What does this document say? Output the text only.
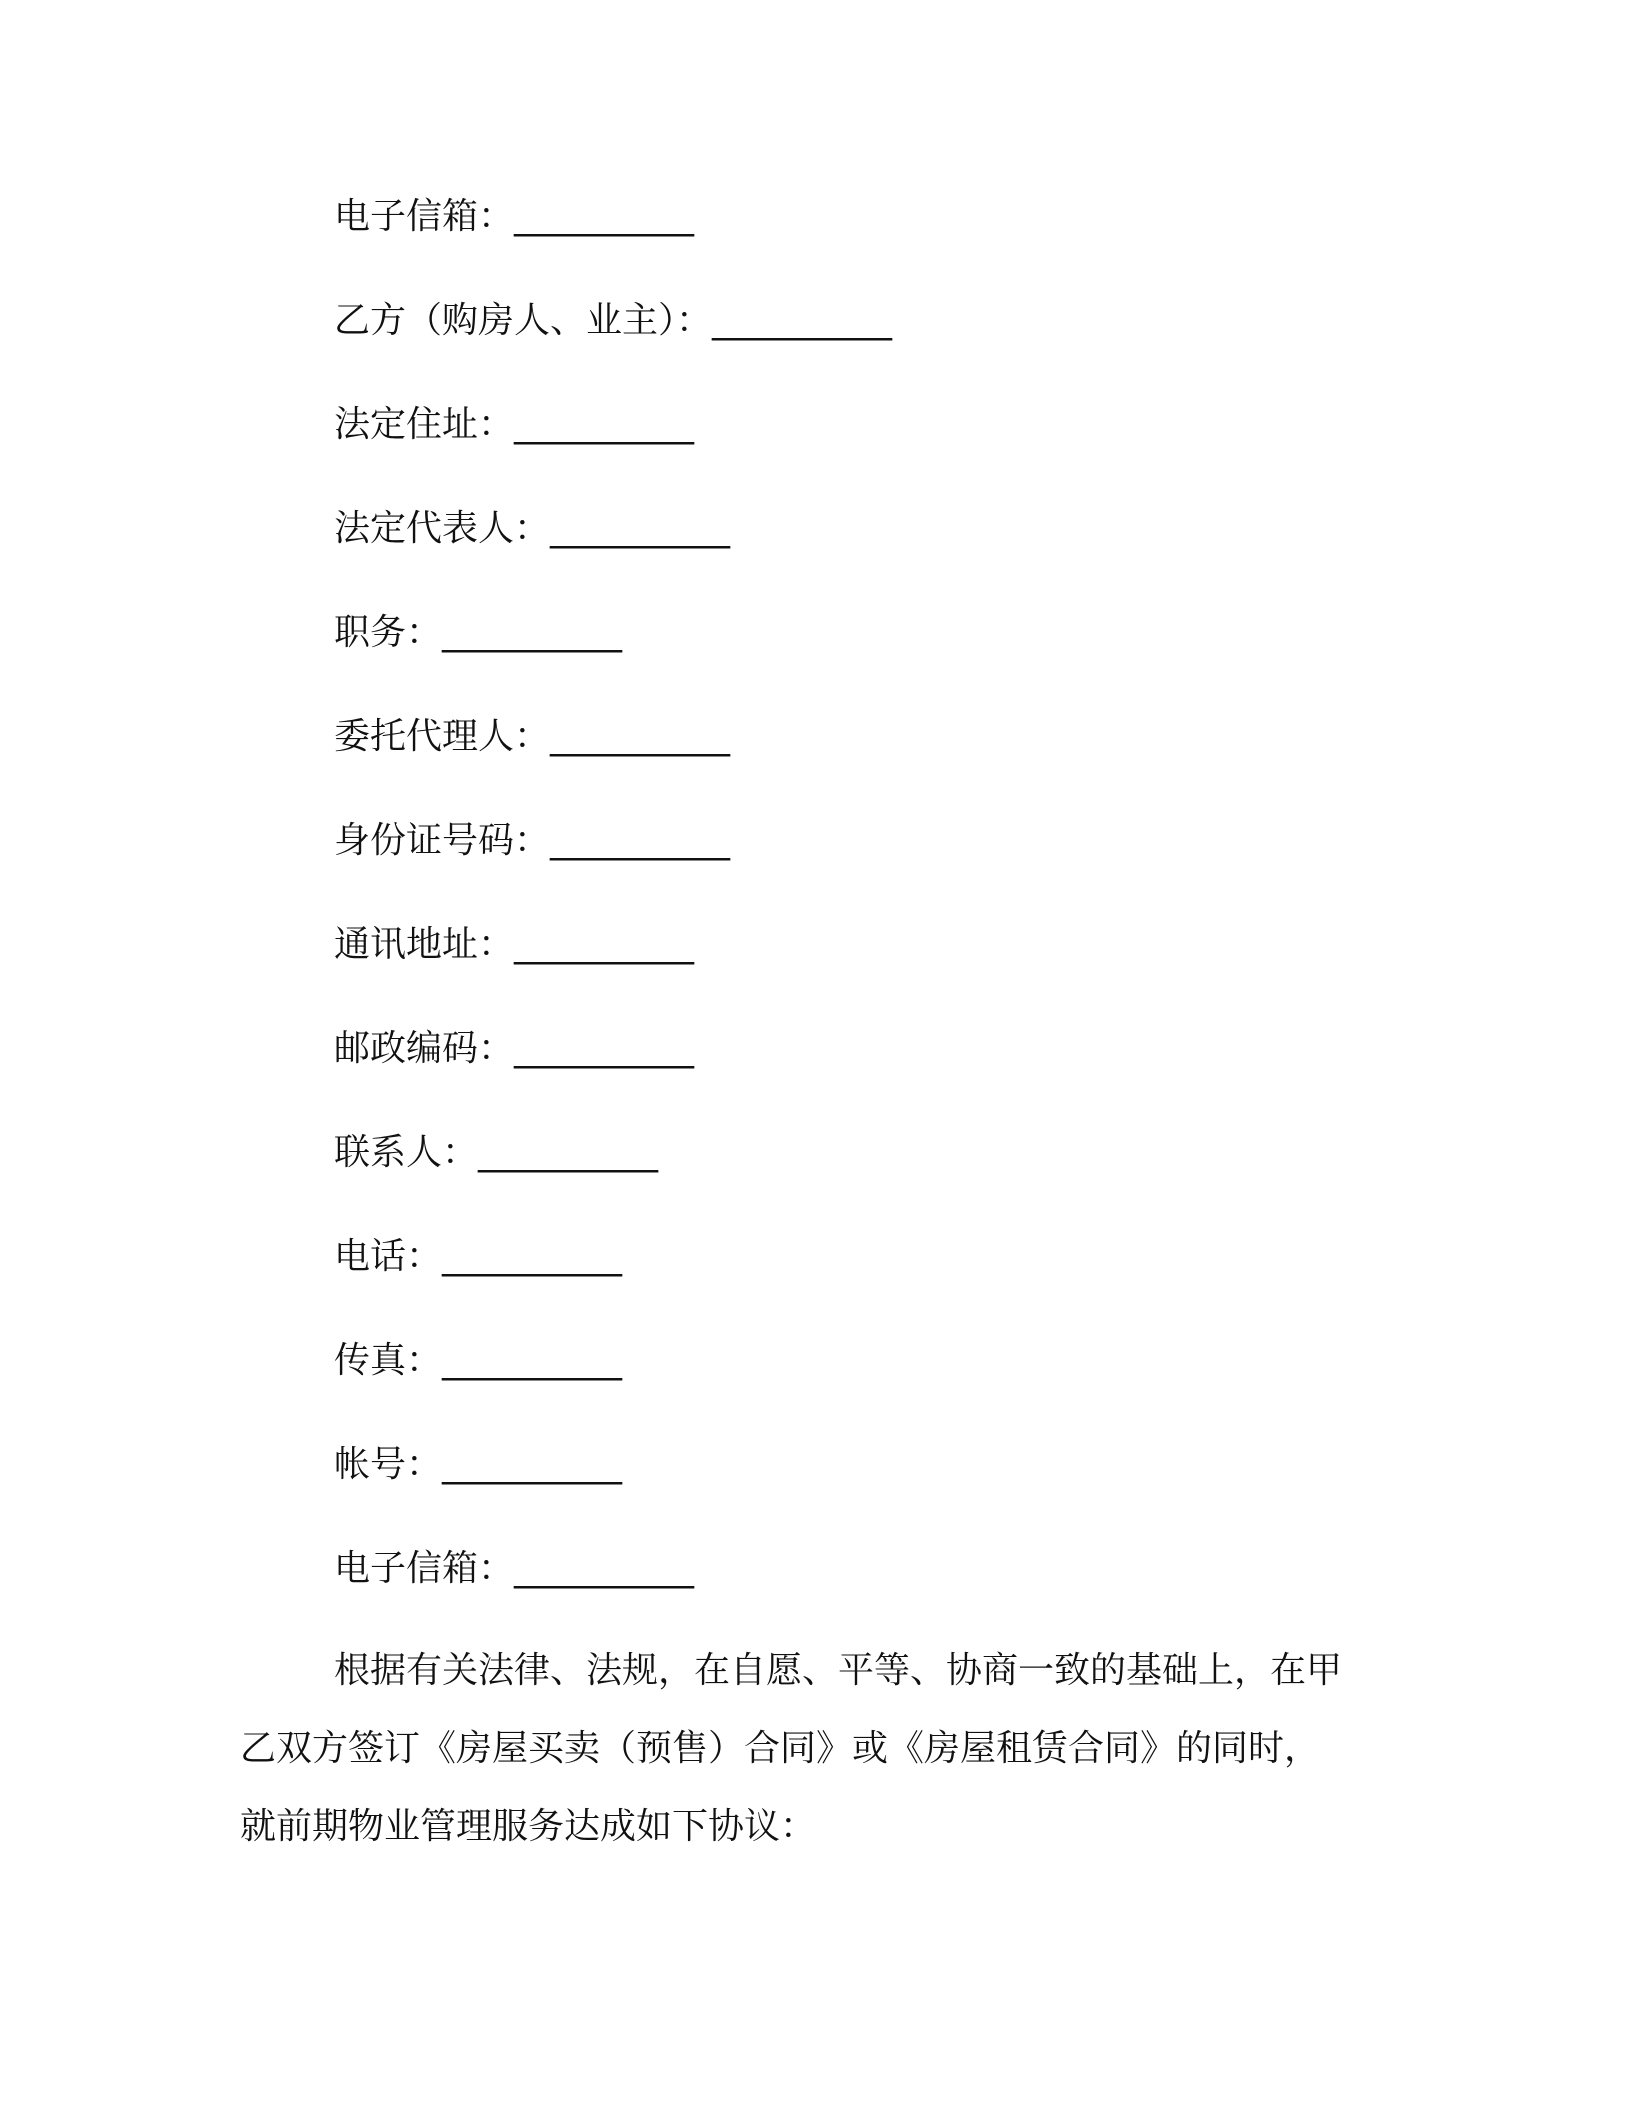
电子信箱：__________
乙方（购房人、业主）：__________
法定住址：__________
法定代表人：__________
职务：__________
委托代理人：__________
身份证号码：__________
通讯地址：__________
邮政编码：__________
联系人：__________
电话：__________
传真：__________
帐号：__________
电子信箱：__________

根据有关法律、法规，在自愿、平等、协商一致的基础上，在甲

乙双方签订《房屋买卖（预售）合同》或《房屋租赁合同》的同时，

就前期物业管理服务达成如下协议：
